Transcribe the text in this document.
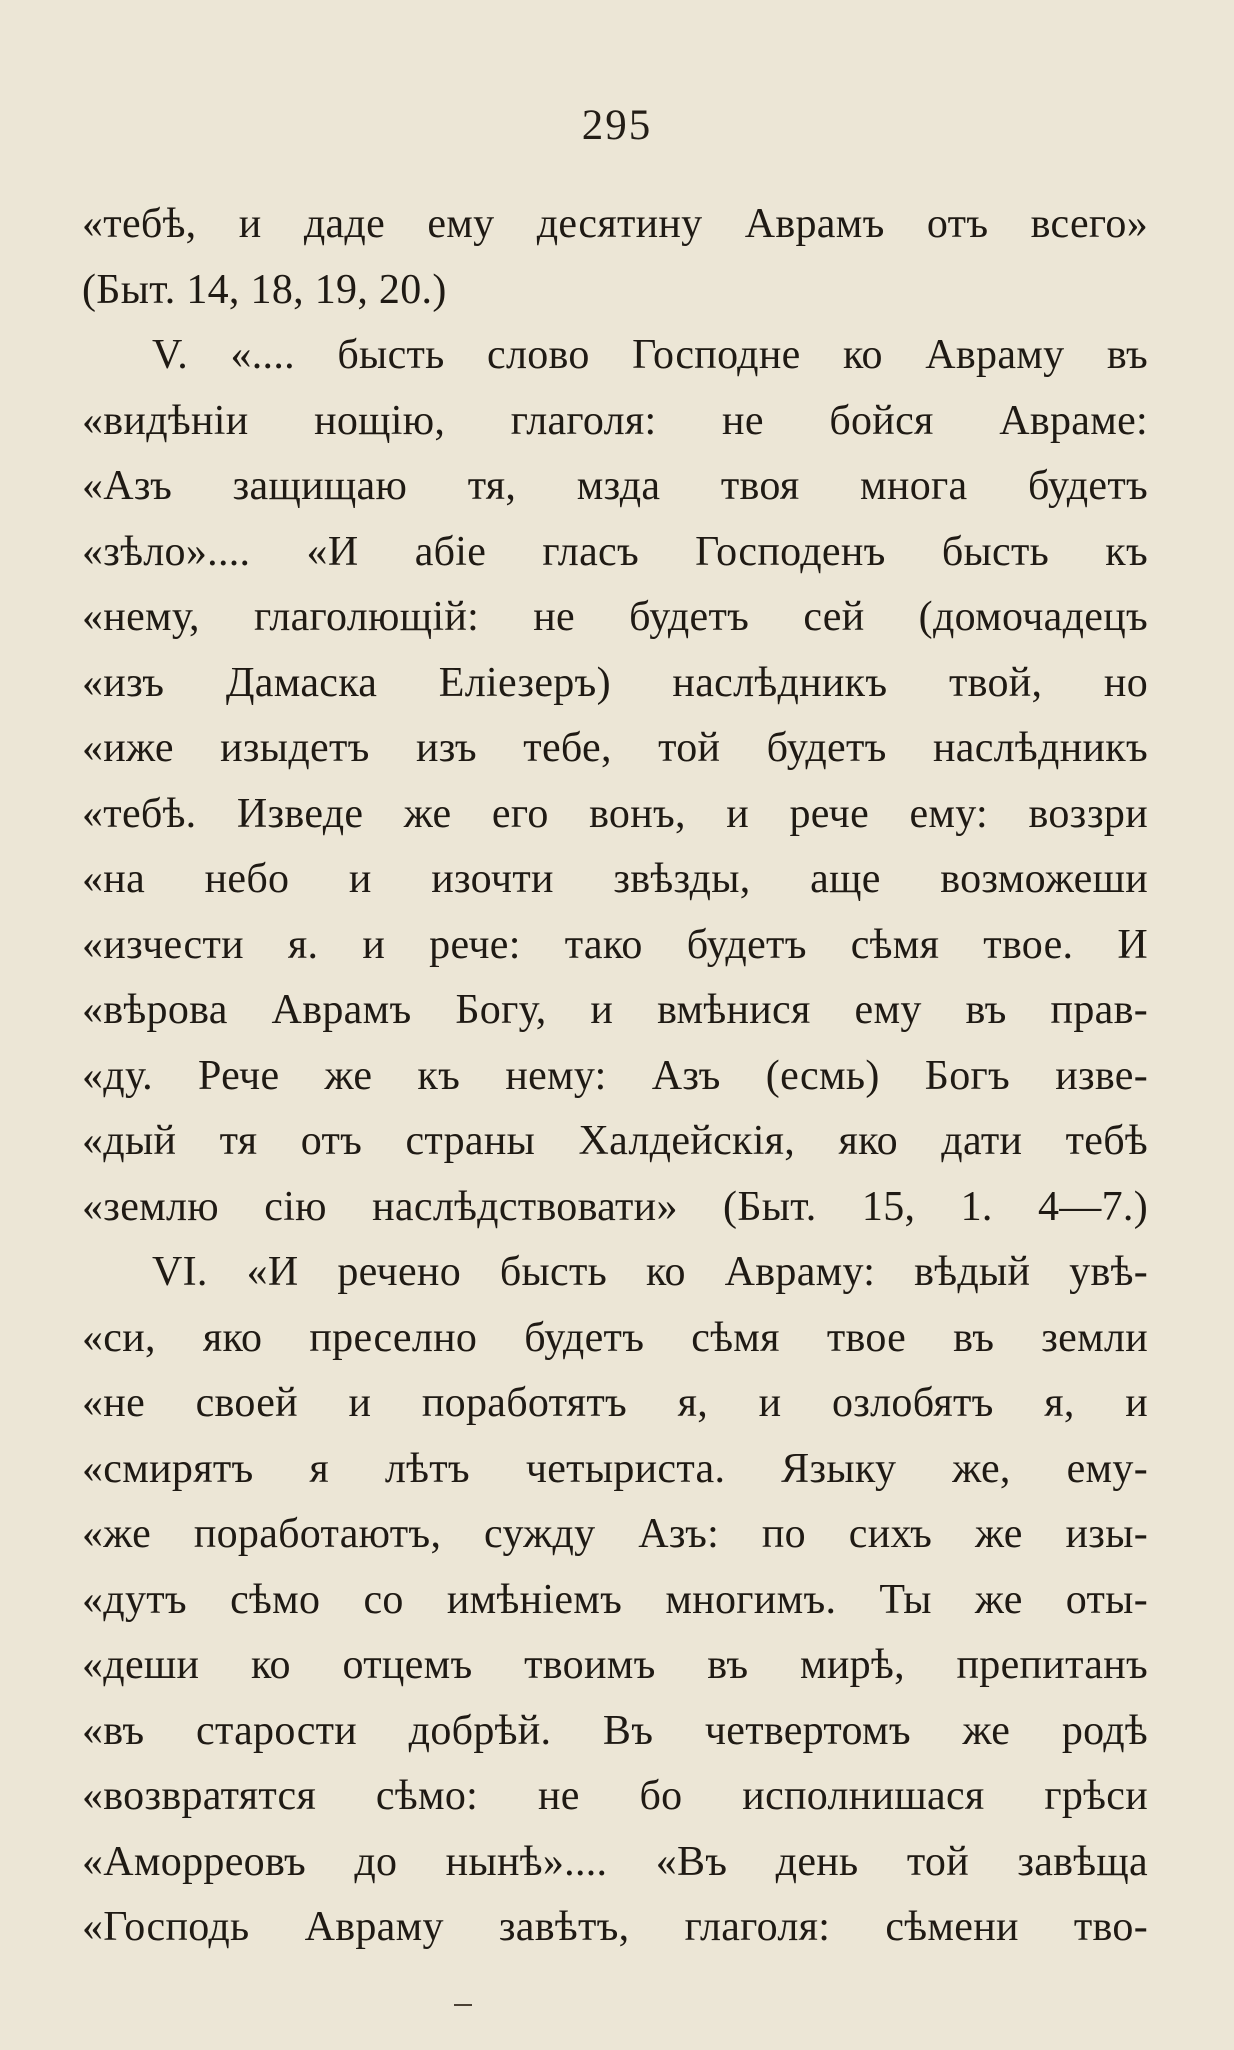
295
«тебѣ, и даде ему десятину Аврамъ отъ всего»
(Быт. 14, 18, 19, 20.)
V. «.... бысть слово Господне ко Авраму въ
«видѣніи нощію, глаголя: не бойся Авраме:
«Азъ защищаю тя, мзда твоя многа будетъ
«зѣло».... «И абіе гласъ Господенъ бысть къ
«нему, глаголющій: не будетъ сей (домочадецъ
«изъ Дамаска Еліезеръ) наслѣдникъ твой, но
«иже изыдетъ изъ тебе, той будетъ наслѣдникъ
«тебѣ. Изведе же его вонъ, и рече ему: воззри
«на небо и изочти звѣзды, аще возможеши
«изчести я. и рече: тако будетъ сѣмя твое. И
«вѣрова Аврамъ Богу, и вмѣнися ему въ прав-
«ду. Рече же къ нему: Азъ (есмь) Богъ изве-
«дый тя отъ страны Халдейскія, яко дати тебѣ
«землю сію наслѣдствовати» (Быт. 15, 1. 4—7.)
VI. «И речено бысть ко Авраму: вѣдый увѣ-
«си, яко преселно будетъ сѣмя твое въ земли
«не своей и поработятъ я, и озлобятъ я, и
«смирятъ я лѣтъ четыриста. Языку же, ему-
«же поработаютъ, сужду Азъ: по сихъ же изы-
«дутъ сѣмо со имѣніемъ многимъ. Ты же оты-
«деши ко отцемъ твоимъ въ мирѣ, препитанъ
«въ старости добрѣй. Въ четвертомъ же родѣ
«возвратятся сѣмо: не бо исполнишася грѣси
«Аморреовъ до нынѣ».... «Въ день той завѣща
«Господь Авраму завѣтъ, глаголя: сѣмени тво-
